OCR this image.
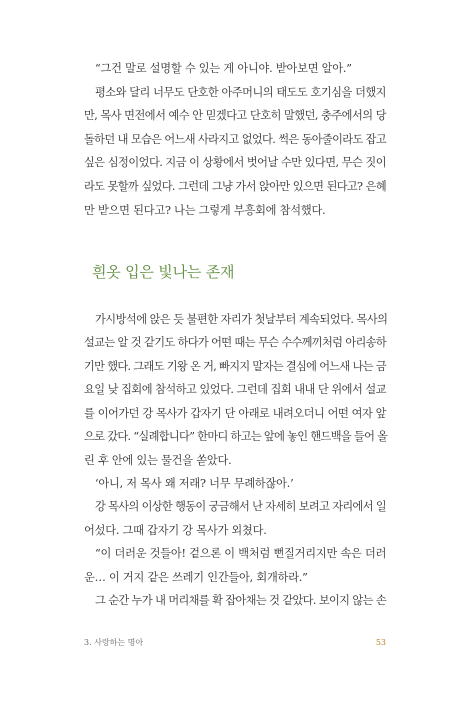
“그건 말로 설명할 수 있는 게 아니야. 받아보면 알아.”
평소와 달리 너무도 단호한 아주머니의 태도도 호기심을 더했지
만, 목사 면전에서 예수 안 믿겠다고 단호히 말했던, 충주에서의 당
돌하던 내 모습은 어느새 사라지고 없었다. 썩은 동아줄이라도 잡고
싶은 심정이었다. 지금 이 상황에서 벗어날 수만 있다면, 무슨 짓이
라도 못할까 싶었다. 그런데 그냥 가서 앉아만 있으면 된다고? 은혜
만 받으면 된다고? 나는 그렇게 부흥회에 참석했다.
흰옷 입은 빛나는 존재
가시방석에 앉은 듯 불편한 자리가 첫날부터 계속되었다. 목사의
설교는 알 것 같기도 하다가 어떤 때는 무슨 수수께끼처럼 아리송하
기만 했다. 그래도 기왕 온 거, 빠지지 말자는 결심에 어느새 나는 금
요일 낮 집회에 참석하고 있었다. 그런데 집회 내내 단 위에서 설교
를 이어가던 강 목사가 갑자기 단 아래로 내려오더니 어떤 여자 앞
으로 갔다. “실례합니다” 한마디 하고는 앞에 놓인 핸드백을 들어 올
린 후 안에 있는 물건을 쏟았다.
‘아니, 저 목사 왜 저래? 너무 무례하잖아.’
강 목사의 이상한 행동이 궁금해서 난 자세히 보려고 자리에서 일
어섰다. 그때 갑자기 강 목사가 외쳤다.
“이 더러운 것들아! 겉으론 이 백처럼 뻔질거리지만 속은 더러
운… 이 거지 같은 쓰레기 인간들아, 회개하라.”
그 순간 누가 내 머리채를 확 잡아채는 것 같았다. 보이지 않는 손
3. 사랑하는 명아	53
